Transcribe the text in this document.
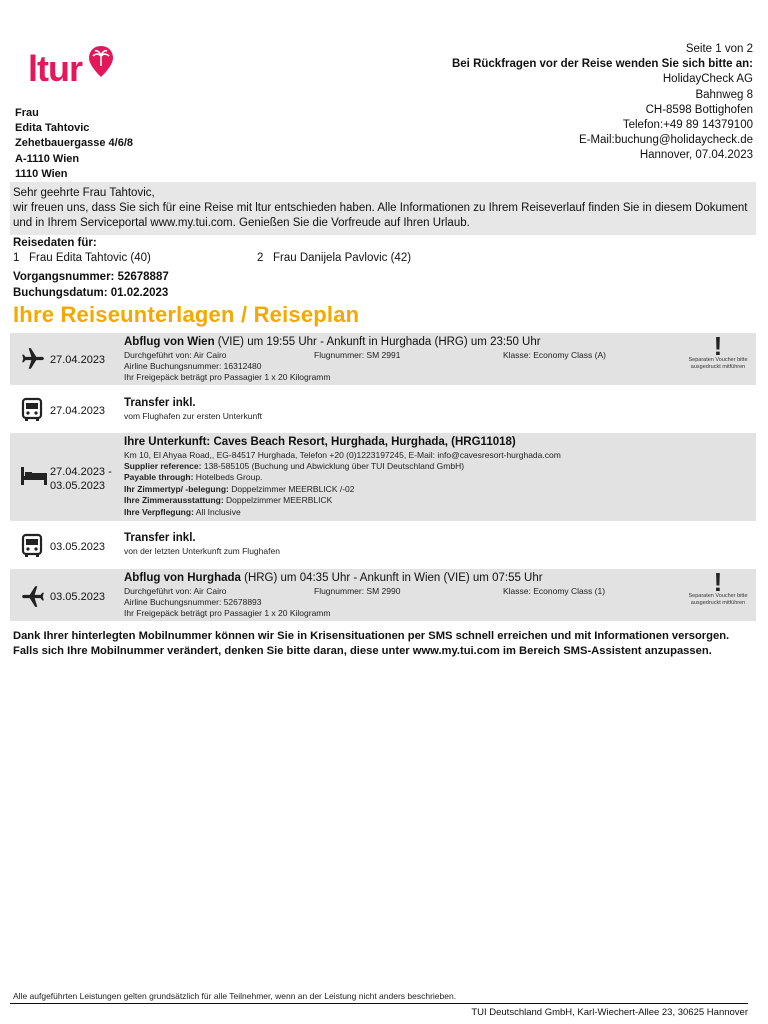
ltur	Seite 1 von 2
Bei Rückfragen vor der Reise wenden Sie sich bitte an:
HolidayCheck AG
Bahnweg 8
CH-8598 Bottighofen
Telefon:+49 89 14379100
E-Mail:buchung@holidaycheck.de
Hannover, 07.04.2023
Frau
Edita Tahtovic
Zehetbauergasse 4/6/8
A-1110 Wien
1110 Wien
Sehr geehrte Frau Tahtovic,
wir freuen uns, dass Sie sich für eine Reise mit ltur entschieden haben. Alle Informationen zu Ihrem Reiseverlauf finden Sie in diesem Dokument und in Ihrem Serviceportal www.my.tui.com. Genießen Sie die Vorfreude auf Ihren Urlaub.
Reisedaten für:
1 Frau Edita Tahtovic (40)	2 Frau Danijela Pavlovic (42)
Vorgangsnummer: 52678887
Buchungsdatum: 01.02.2023
Ihre Reiseunterlagen / Reiseplan
27.04.2023
Abflug von Wien (VIE) um 19:55 Uhr - Ankunft in Hurghada (HRG) um 23:50 Uhr
Durchgeführt von: Air Cairo	Flugnummer: SM 2991	Klasse: Economy Class (A)
Airline Buchungsnummer: 16312480
Ihr Freigepäck beträgt pro Passagier 1 x 20 Kilogramm
!
Separaten Voucher bitte ausgedruckt mitführen
27.04.2023
Transfer inkl.
vom Flughafen zur ersten Unterkunft
27.04.2023 -
03.05.2023
Ihre Unterkunft: Caves Beach Resort, Hurghada, Hurghada, (HRG11018)
Km 10, El Ahyaa Road,, EG-84517 Hurghada, Telefon +20 (0)1223197245, E-Mail: info@cavesresort-hurghada.com
Supplier reference: 138-585105 (Buchung und Abwicklung über TUI Deutschland GmbH)
Payable through: Hotelbeds Group.
Ihr Zimmertyp/ -belegung: Doppelzimmer MEERBLICK /-02
Ihre Zimmerausstattung: Doppelzimmer MEERBLICK
Ihre Verpflegung: All Inclusive
03.05.2023
Transfer inkl.
von der letzten Unterkunft zum Flughafen
03.05.2023
Abflug von Hurghada (HRG) um 04:35 Uhr - Ankunft in Wien (VIE) um 07:55 Uhr
Durchgeführt von: Air Cairo	Flugnummer: SM 2990	Klasse: Economy Class (1)
Airline Buchungsnummer: 52678893
Ihr Freigepäck beträgt pro Passagier 1 x 20 Kilogramm
!
Separaten Voucher bitte ausgedruckt mitführen
Dank Ihrer hinterlegten Mobilnummer können wir Sie in Krisensituationen per SMS schnell erreichen und mit Informationen versorgen. Falls sich Ihre Mobilnummer verändert, denken Sie bitte daran, diese unter www.my.tui.com im Bereich SMS-Assistent anzupassen.
Alle aufgeführten Leistungen gelten grundsätzlich für alle Teilnehmer, wenn an der Leistung nicht anders beschrieben.
TUI Deutschland GmbH, Karl-Wiechert-Allee 23, 30625 Hannover
